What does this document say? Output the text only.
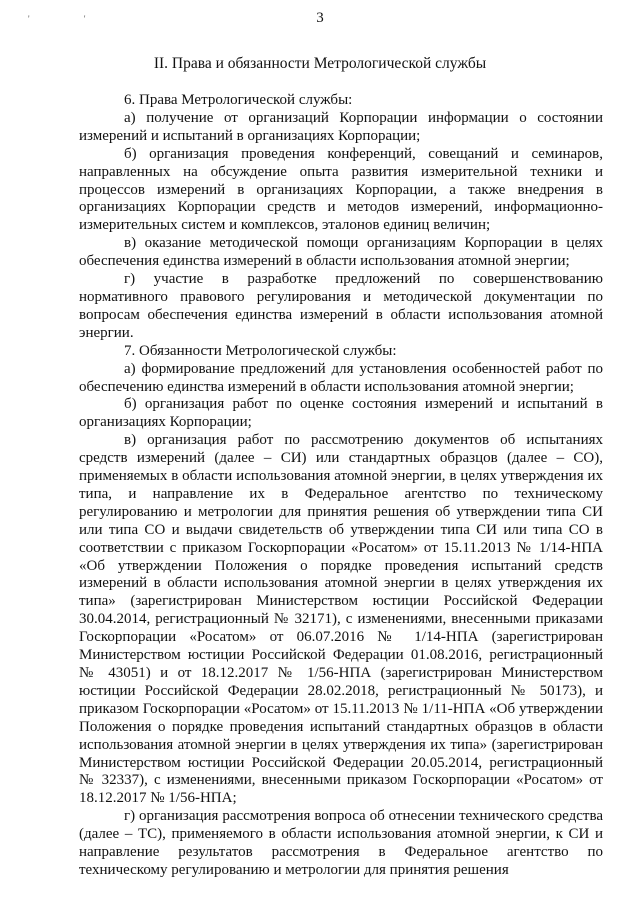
' '	3
II. Права и обязанности Метрологической службы

6. Права Метрологической службы:

а) получение от организаций Корпорации информации о состоянии измерений и испытаний в организациях Корпорации;

б) организация проведения конференций, совещаний и семинаров, направленных на обсуждение опыта развития измерительной техники и процессов измерений в организациях Корпорации, а также внедрения в организациях Корпорации средств и методов измерений, информационно-измерительных систем и комплексов, эталонов единиц величин;

в) оказание методической помощи организациям Корпорации в целях обеспечения единства измерений в области использования атомной энергии;

г) участие в разработке предложений по совершенствованию нормативного правового регулирования и методической документации по вопросам обеспечения единства измерений в области использования атомной энергии.

7. Обязанности Метрологической службы:

а) формирование предложений для установления особенностей работ по обеспечению единства измерений в области использования атомной энергии;

б) организация работ по оценке состояния измерений и испытаний в организациях Корпорации;

в) организация работ по рассмотрению документов об испытаниях средств измерений (далее – СИ) или стандартных образцов (далее – СО), применяемых в области использования атомной энергии, в целях утверждения их типа, и направление их в Федеральное агентство по техническому регулированию и метрологии для принятия решения об утверждении типа СИ или типа СО и выдачи свидетельств об утверждении типа СИ или типа СО в соответствии с приказом Госкорпорации «Росатом» от 15.11.2013 № 1/14-НПА «Об утверждении Положения о порядке проведения испытаний средств измерений в области использования атомной энергии в целях утверждения их типа» (зарегистрирован Министерством юстиции Российской Федерации 30.04.2014, регистрационный № 32171), с изменениями, внесенными приказами Госкорпорации «Росатом» от 06.07.2016 № 1/14-НПА (зарегистрирован Министерством юстиции Российской Федерации 01.08.2016, регистрационный № 43051) и от 18.12.2017 № 1/56-НПА (зарегистрирован Министерством юстиции Российской Федерации 28.02.2018, регистрационный № 50173), и приказом Госкорпорации «Росатом» от 15.11.2013 № 1/11-НПА «Об утверждении Положения о порядке проведения испытаний стандартных образцов в области использования атомной энергии в целях утверждения их типа» (зарегистрирован Министерством юстиции Российской Федерации 20.05.2014, регистрационный № 32337), с изменениями, внесенными приказом Госкорпорации «Росатом» от 18.12.2017 № 1/56-НПА;

г) организация рассмотрения вопроса об отнесении технического средства (далее – ТС), применяемого в области использования атомной энергии, к СИ и направление результатов рассмотрения в Федеральное агентство по техническому регулированию и метрологии для принятия решения
